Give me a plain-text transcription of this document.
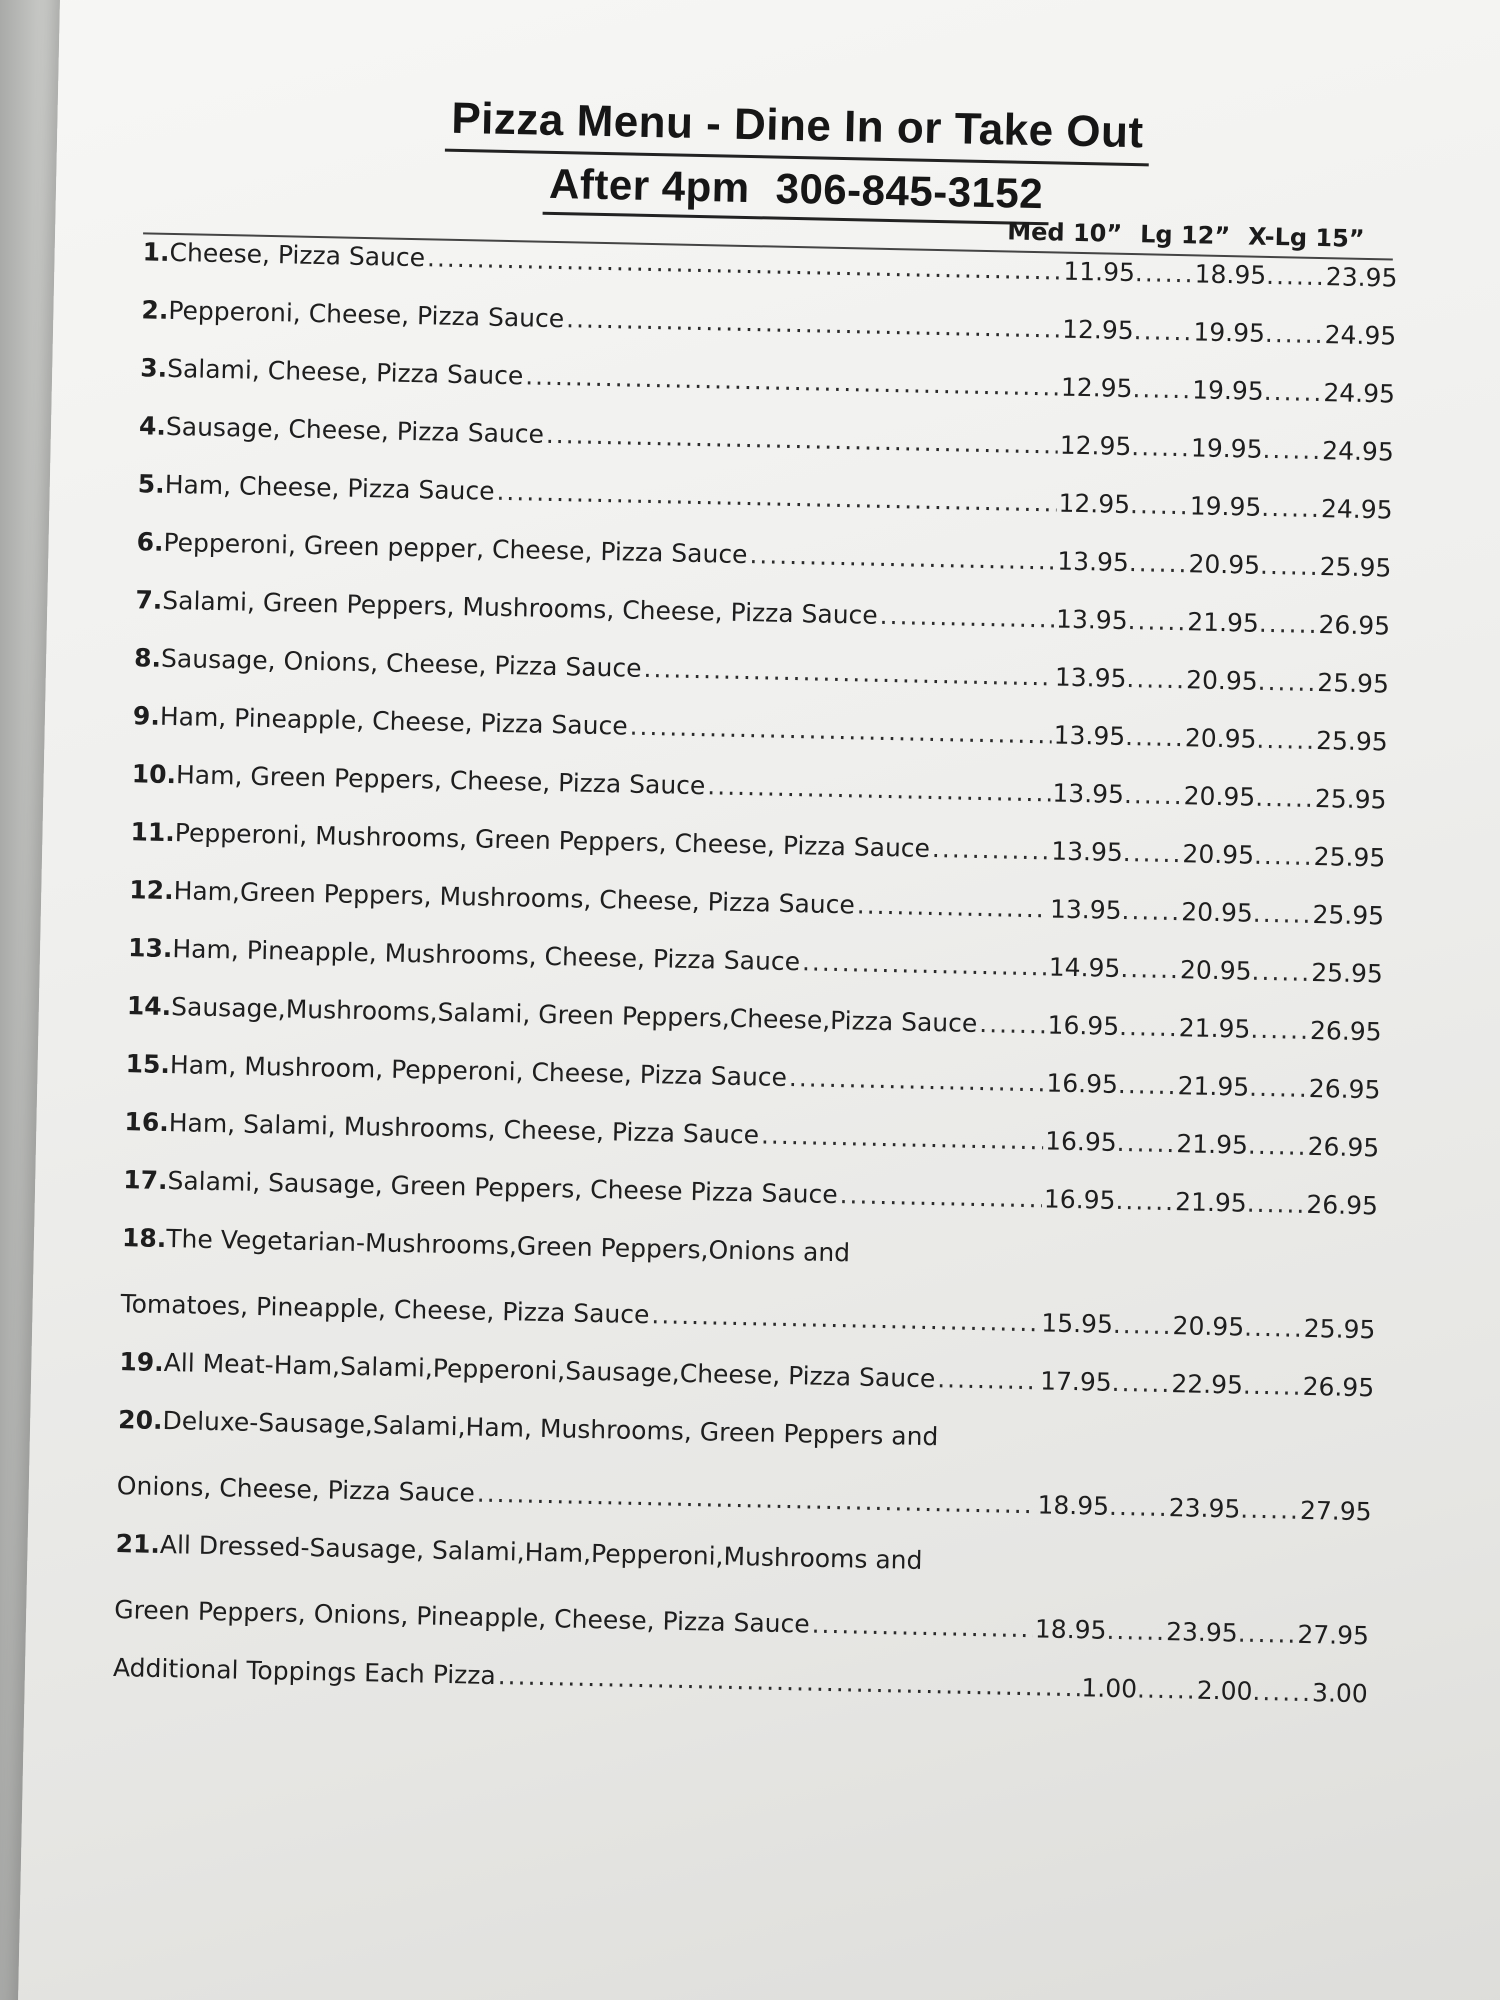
Pizza Menu - Dine In or Take Out
After 4pm 306-845-3152
Med 10” Lg 12” X-Lg 15”
1. Cheese, Pizza Sauce .....	11.95 ...... 18.95 ...... 23.95
2. Pepperoni, Cheese, Pizza Sauce .....	12.95 ...... 19.95 ...... 24.95
3. Salami, Cheese, Pizza Sauce .....	12.95 ...... 19.95 ...... 24.95
4. Sausage, Cheese, Pizza Sauce .....	12.95 ...... 19.95 ...... 24.95
5. Ham, Cheese, Pizza Sauce .....	12.95 ...... 19.95 ...... 24.95
6. Pepperoni, Green pepper, Cheese, Pizza Sauce .....	13.95 ...... 20.95 ...... 25.95
7. Salami, Green Peppers, Mushrooms, Cheese, Pizza Sauce .....	13.95 ...... 21.95 ...... 26.95
8. Sausage, Onions, Cheese, Pizza Sauce .....	13.95 ...... 20.95 ...... 25.95
9. Ham, Pineapple, Cheese, Pizza Sauce .....	13.95 ...... 20.95 ...... 25.95
10. Ham, Green Peppers, Cheese, Pizza Sauce .....	13.95 ...... 20.95 ...... 25.95
11. Pepperoni, Mushrooms, Green Peppers, Cheese, Pizza Sauce .....	13.95 ...... 20.95 ...... 25.95
12. Ham,Green Peppers, Mushrooms, Cheese, Pizza Sauce .....	13.95 ...... 20.95 ...... 25.95
13. Ham, Pineapple, Mushrooms, Cheese, Pizza Sauce .....	14.95 ...... 20.95 ...... 25.95
14. Sausage,Mushrooms,Salami, Green Peppers,Cheese,Pizza Sauce .....	16.95 ...... 21.95 ...... 26.95
15. Ham, Mushroom, Pepperoni, Cheese, Pizza Sauce .....	16.95 ...... 21.95 ...... 26.95
16. Ham, Salami, Mushrooms, Cheese, Pizza Sauce .....	16.95 ...... 21.95 ...... 26.95
17. Salami, Sausage, Green Peppers, Cheese Pizza Sauce .....	16.95 ...... 21.95 ...... 26.95
18. The Vegetarian-Mushrooms,Green Peppers,Onions and
Tomatoes, Pineapple, Cheese, Pizza Sauce .....	15.95 ...... 20.95 ...... 25.95
19. All Meat-Ham,Salami,Pepperoni,Sausage,Cheese, Pizza Sauce .....	17.95 ...... 22.95 ...... 26.95
20. Deluxe-Sausage,Salami,Ham, Mushrooms, Green Peppers and
Onions, Cheese, Pizza Sauce .....	18.95 ...... 23.95 ...... 27.95
21. All Dressed-Sausage, Salami,Ham,Pepperoni,Mushrooms and
Green Peppers, Onions, Pineapple, Cheese, Pizza Sauce .....	18.95 ...... 23.95 ...... 27.95
Additional Toppings Each Pizza .....	1.00 ...... 2.00 ...... 3.00
